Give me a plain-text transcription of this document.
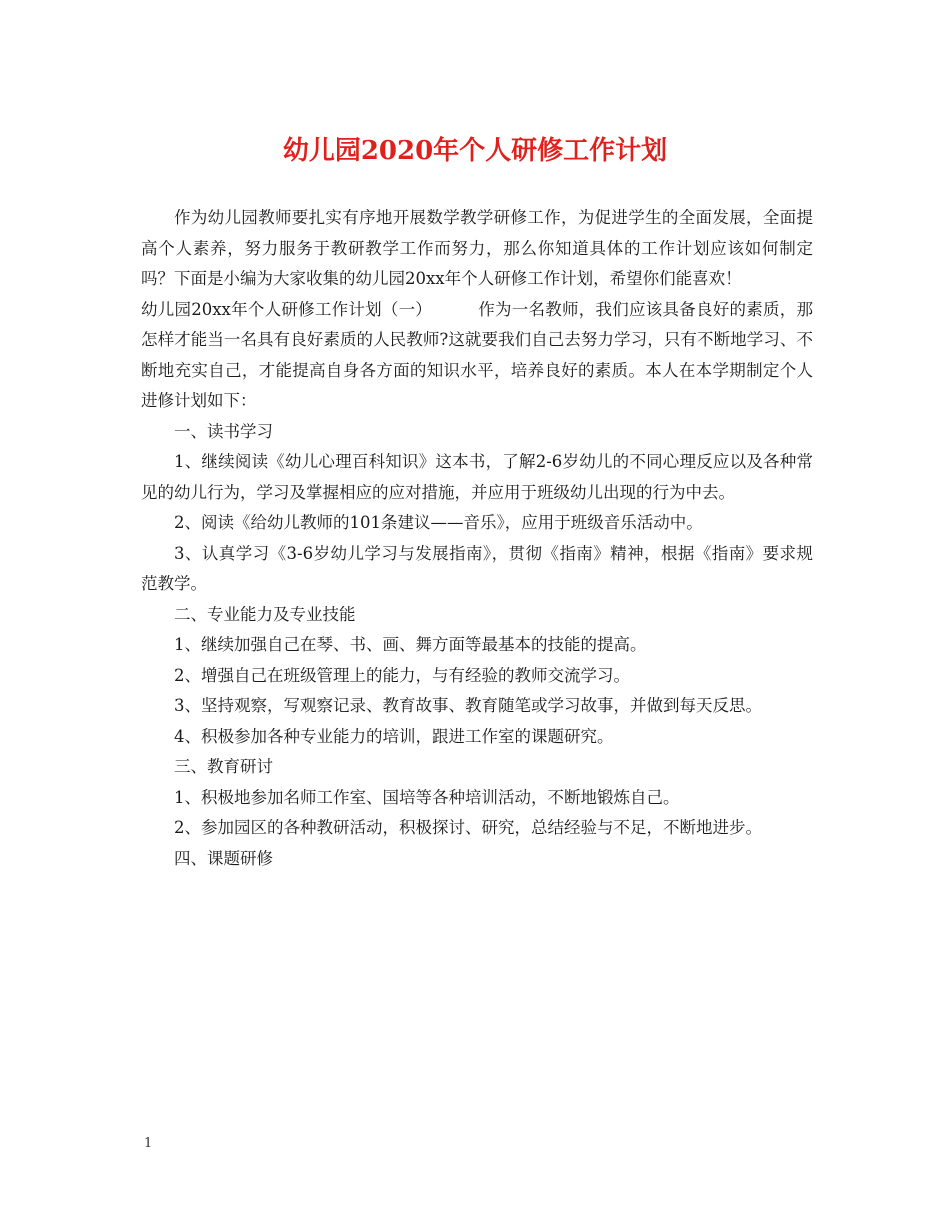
幼儿园2020年个人研修工作计划

作为幼儿园教师要扎实有序地开展数学教学研修工作，为促进学生的全面发展，全面提高个人素养，努力服务于教研教学工作而努力，那么你知道具体的工作计划应该如何制定吗？下面是小编为大家收集的幼儿园20xx年个人研修工作计划，希望你们能喜欢！

幼儿园20xx年个人研修工作计划（一）	作为一名教师，我们应该具备良好的素质，那怎样才能当一名具有良好素质的人民教师?这就要我们自己去努力学习，只有不断地学习、不断地充实自己，才能提高自身各方面的知识水平，培养良好的素质。本人在本学期制定个人进修计划如下：

一、读书学习

1、继续阅读《幼儿心理百科知识》这本书，了解2-6岁幼儿的不同心理反应以及各种常见的幼儿行为，学习及掌握相应的应对措施，并应用于班级幼儿出现的行为中去。

2、阅读《给幼儿教师的101条建议——音乐》，应用于班级音乐活动中。

3、认真学习《3-6岁幼儿学习与发展指南》，贯彻《指南》精神，根据《指南》要求规范教学。

二、专业能力及专业技能

1、继续加强自己在琴、书、画、舞方面等最基本的技能的提高。

2、增强自己在班级管理上的能力，与有经验的教师交流学习。

3、坚持观察，写观察记录、教育故事、教育随笔或学习故事，并做到每天反思。

4、积极参加各种专业能力的培训，跟进工作室的课题研究。

三、教育研讨

1、积极地参加名师工作室、国培等各种培训活动，不断地锻炼自己。

2、参加园区的各种教研活动，积极探讨、研究，总结经验与不足，不断地进步。

四、课题研修

1
